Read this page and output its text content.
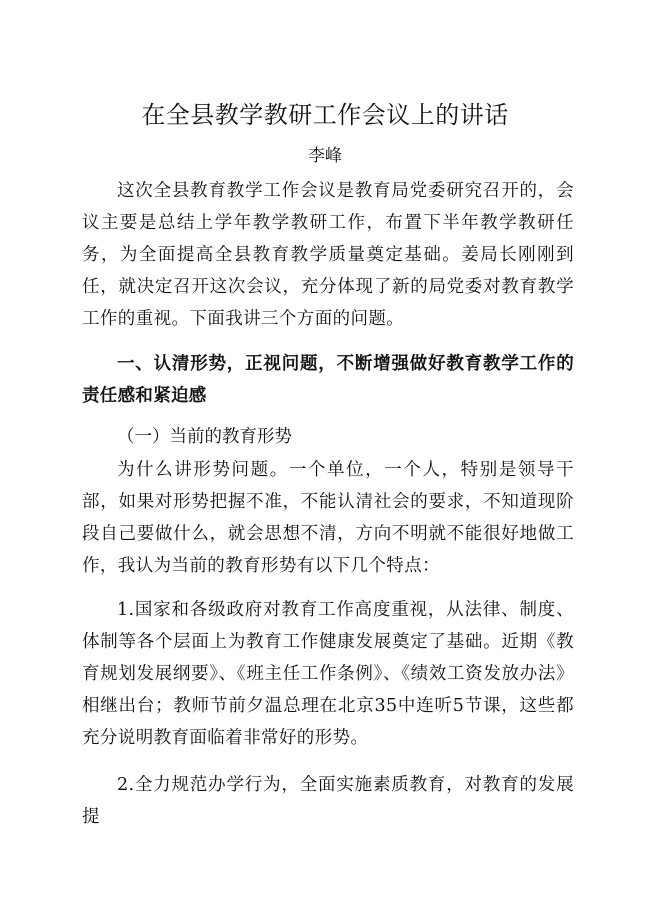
在全县教学教研工作会议上的讲话

李峰

这次全县教育教学工作会议是教育局党委研究召开的，会议主要是总结上学年教学教研工作，布置下半年教学教研任务，为全面提高全县教育教学质量奠定基础。姜局长刚刚到任，就决定召开这次会议，充分体现了新的局党委对教育教学工作的重视。下面我讲三个方面的问题。

一、认清形势，正视问题，不断增强做好教育教学工作的责任感和紧迫感

（一）当前的教育形势

为什么讲形势问题。一个单位，一个人，特别是领导干部，如果对形势把握不准，不能认清社会的要求，不知道现阶段自己要做什么，就会思想不清，方向不明就不能很好地做工作，我认为当前的教育形势有以下几个特点：

1.国家和各级政府对教育工作高度重视，从法律、制度、体制等各个层面上为教育工作健康发展奠定了基础。近期《教育规划发展纲要》、《班主任工作条例》、《绩效工资发放办法》相继出台；教师节前夕温总理在北京35中连听5节课，这些都充分说明教育面临着非常好的形势。

2.全力规范办学行为，全面实施素质教育，对教育的发展提
